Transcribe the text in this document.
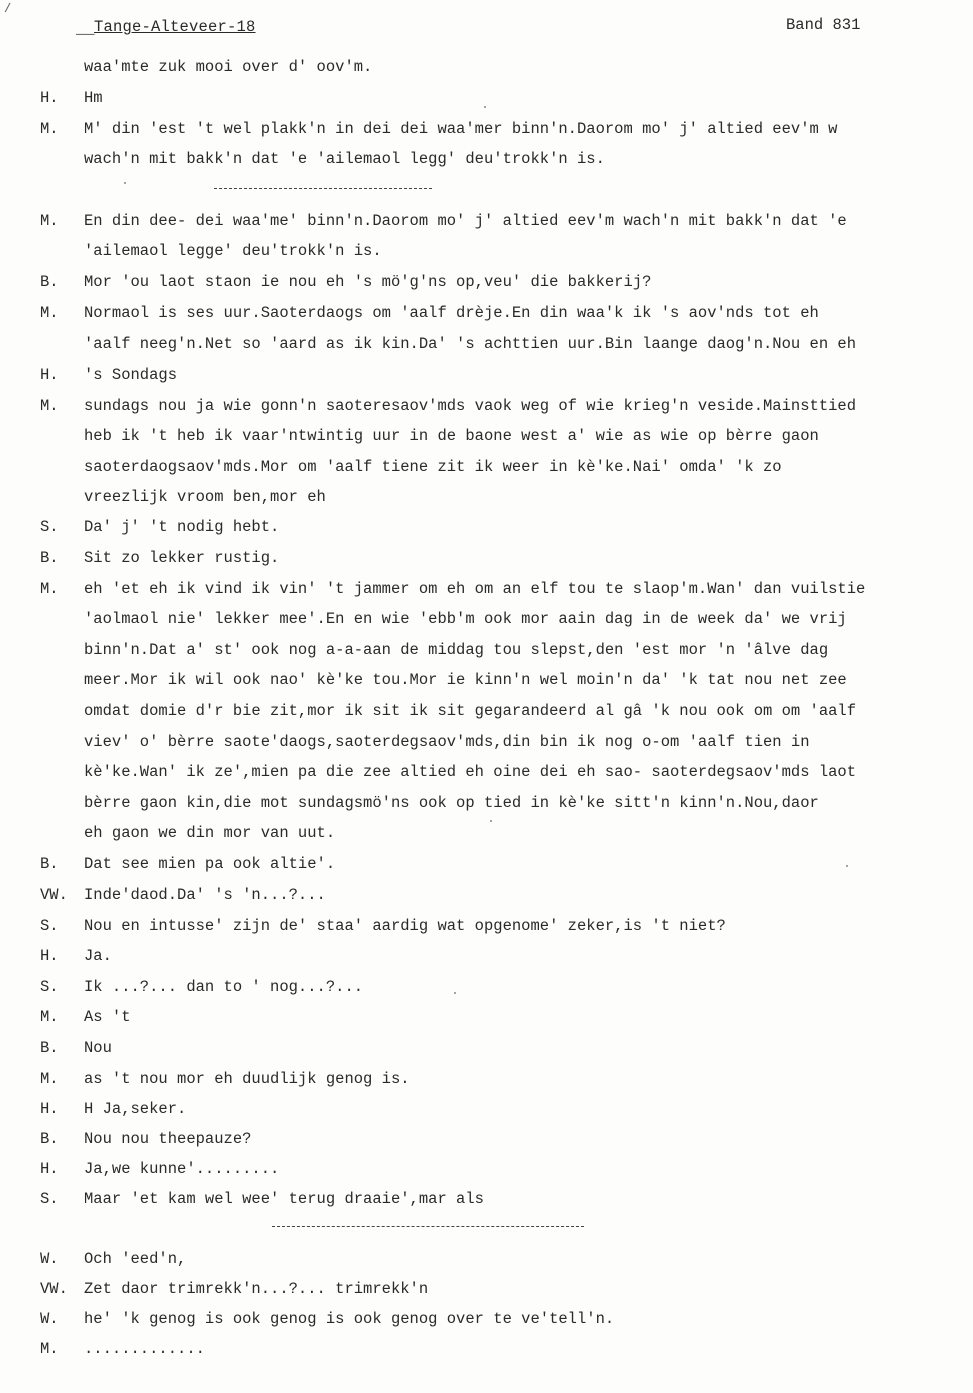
/
__ Tange-Alteveer-18	Band 831
waa'mte zuk mooi over d' oov'm.
H. Hm
M. M' din 'est 't wel plakk'n in dei dei waa'mer binn'n.Daorom mo' j' altied eev'm w
wach'n mit bakk'n dat 'e 'ailemaol legg' deu'trokk'n is.
M. En din dee- dei waa'me' binn'n.Daorom mo' j' altied eev'm wach'n mit bakk'n dat 'e
'ailemaol legge' deu'trokk'n is.
B. Mor 'ou laot staon ie nou eh 's mö'g'ns op,veu' die bakkerij?
M. Normaol is ses uur.Saoterdaogs om 'aalf drèje.En din waa'k ik 's aov'nds tot eh
'aalf neeg'n.Net so 'aard as ik kin.Da' 's achttien uur.Bin laange daog'n.Nou en eh
H. 's Sondags
M. sundags nou ja wie gonn'n saoteresaov'mds vaok weg of wie krieg'n veside.Mainsttied
heb ik 't heb ik vaar'ntwintig uur in de baone west a' wie as wie op bèrre gaon
saoterdaogsaov'mds.Mor om 'aalf tiene zit ik weer in kè'ke.Nai' omda' 'k zo
vreezlijk vroom ben,mor eh
S. Da' j' 't nodig hebt.
B. Sit zo lekker rustig.
M. eh 'et eh ik vind ik vin' 't jammer om eh om an elf tou te slaop'm.Wan' dan vuilstie
'aolmaol nie' lekker mee'.En en wie 'ebb'm ook mor aain dag in de week da' we vrij
binn'n.Dat a' st' ook nog a-a-aan de middag tou slepst,den 'est mor 'n 'âlve dag
meer.Mor ik wil ook nao' kè'ke tou.Mor ie kinn'n wel moin'n da' 'k tat nou net zee
omdat domie d'r bie zit,mor ik sit ik sit gegarandeerd al gâ 'k nou ook om om 'aalf
viev' o' bèrre saote'daogs,saoterdegsaov'mds,din bin ik nog o-om 'aalf tien in
kè'ke.Wan' ik ze',mien pa die zee altied eh oine dei eh sao- saoterdegsaov'mds laot
bèrre gaon kin,die mot sundagsmö'ns ook op tied in kè'ke sitt'n kinn'n.Nou,daor
eh gaon we din mor van uut.
B. Dat see mien pa ook altie'.
VW. Inde'daod.Da' 's 'n...?...
S. Nou en intusse' zijn de' staa' aardig wat opgenome' zeker,is 't niet?
H. Ja.
S. Ik ...?... dan to ' nog...?...
M. As 't
B. Nou
M. as 't nou mor eh duudlijk genog is.
H. H Ja,seker.
B. Nou nou theepauze?
H. Ja,we kunne'.........
S. Maar 'et kam wel wee' terug draaie',mar als
W. Och 'eed'n,
VW. Zet daor trimrekk'n...?... trimrekk'n
W. he' 'k genog is ook genog is ook genog over te ve'tell'n.
M. .............
